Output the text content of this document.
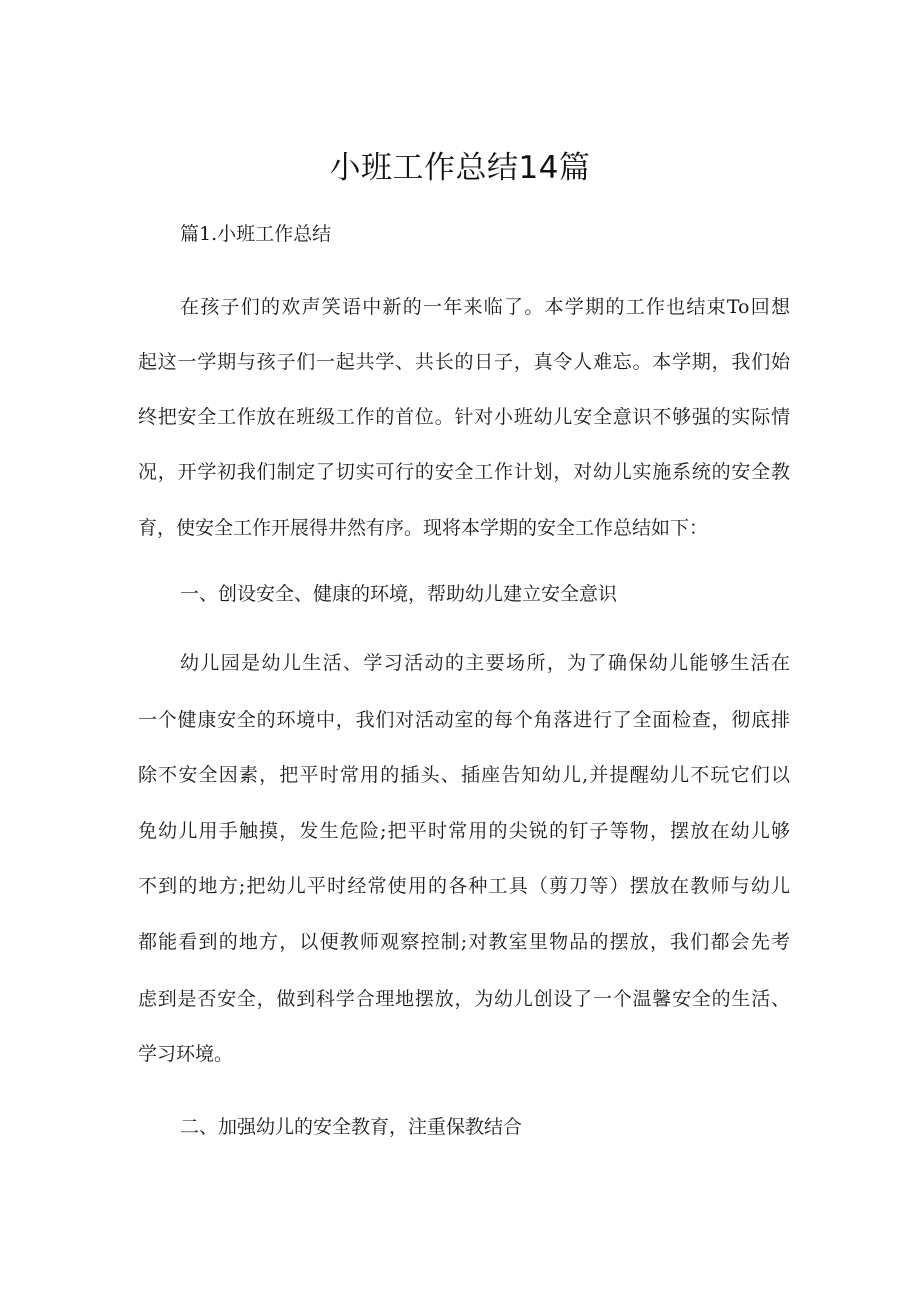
小班工作总结14篇
篇1.小班工作总结
在孩子们的欢声笑语中新的一年来临了。本学期的工作也结束To回想
起这一学期与孩子们一起共学、共长的日子，真令人难忘。本学期，我们始
终把安全工作放在班级工作的首位。针对小班幼儿安全意识不够强的实际情
况，开学初我们制定了切实可行的安全工作计划，对幼儿实施系统的安全教
育，使安全工作开展得井然有序。现将本学期的安全工作总结如下：
一、创设安全、健康的环境，帮助幼儿建立安全意识
幼儿园是幼儿生活、学习活动的主要场所，为了确保幼儿能够生活在
一个健康安全的环境中，我们对活动室的每个角落进行了全面检查，彻底排
除不安全因素，把平时常用的插头、插座告知幼儿,并提醒幼儿不玩它们以
免幼儿用手触摸，发生危险;把平时常用的尖锐的钉子等物，摆放在幼儿够
不到的地方;把幼儿平时经常使用的各种工具（剪刀等）摆放在教师与幼儿
都能看到的地方，以便教师观察控制;对教室里物品的摆放，我们都会先考
虑到是否安全，做到科学合理地摆放，为幼儿创设了一个温馨安全的生活、
学习环境。
二、加强幼儿的安全教育，注重保教结合
